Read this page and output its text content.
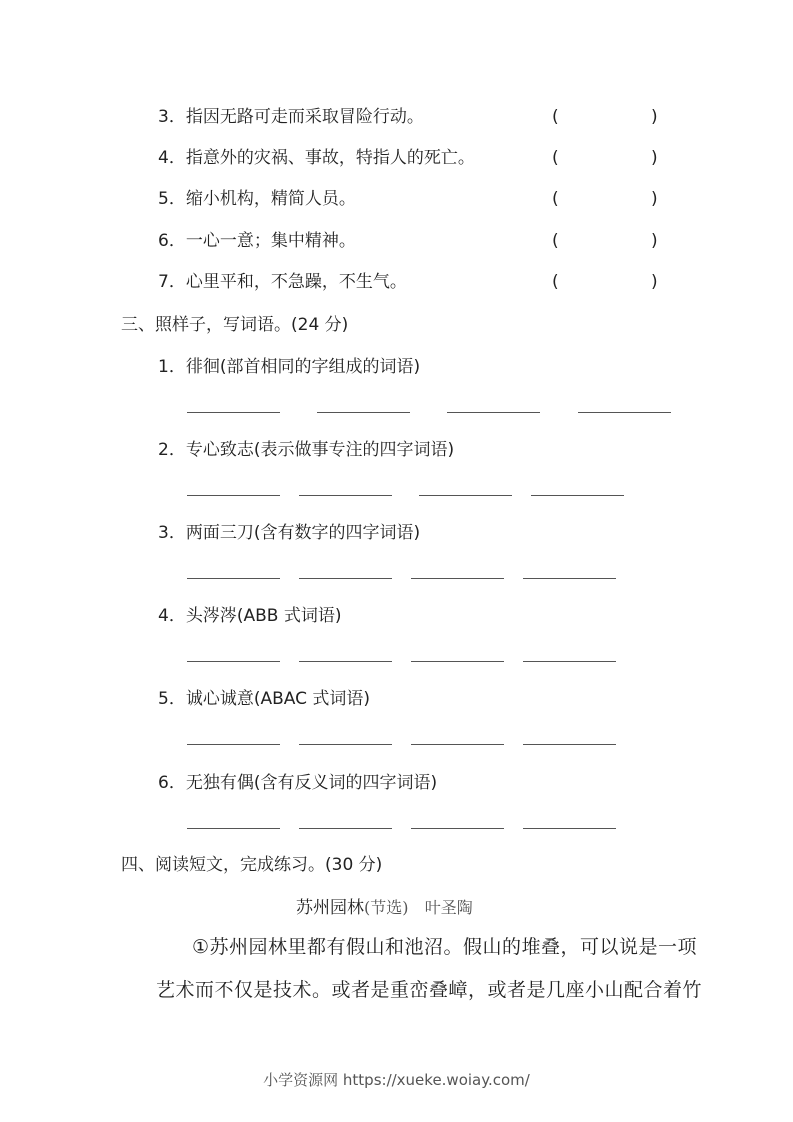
3．指因无路可走而采取冒险行动。	(	)
4．指意外的灾祸、事故，特指人的死亡。	(	)
5．缩小机构，精简人员。	(	)
6．一心一意；集中精神。	(	)
7．心里平和，不急躁，不生气。	(	)
三、照样子，写词语。(24 分)
1．徘徊(部首相同的字组成的词语)
2．专心致志(表示做事专注的四字词语)
3．两面三刀(含有数字的四字词语)
4．头涔涔(ABB 式词语)
5．诚心诚意(ABAC 式词语)
6．无独有偶(含有反义词的四字词语)
四、阅读短文，完成练习。(30 分)
苏州园林(节选) 叶圣陶
①苏州园林里都有假山和池沼。假山的堆叠，可以说是一项
艺术而不仅是技术。或者是重峦叠嶂，或者是几座小山配合着竹
小学资源网 https://xueke.woiay.com/
